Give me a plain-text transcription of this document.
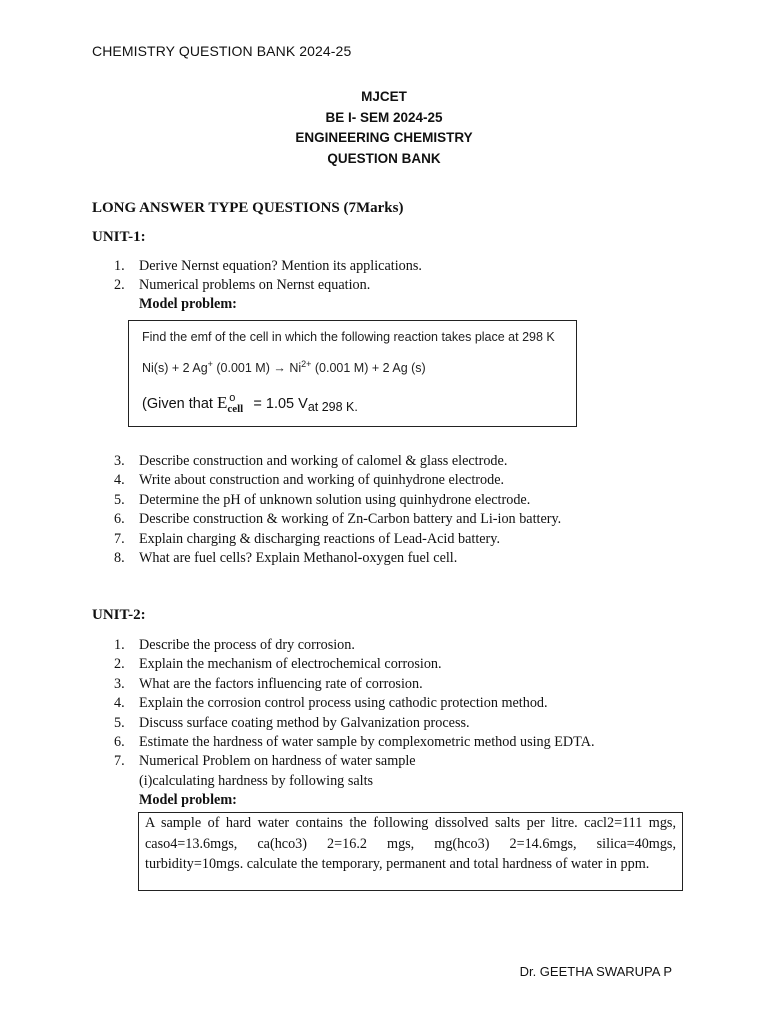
CHEMISTRY QUESTION BANK 2024-25
MJCET
BE I- SEM 2024-25
ENGINEERING CHEMISTRY
QUESTION BANK
LONG ANSWER TYPE QUESTIONS (7Marks)
UNIT-1:
1. Derive Nernst equation? Mention its applications.
2. Numerical problems on Nernst equation.
Model problem:
Find the emf of the cell in which the following reaction takes place at 298 K
Ni(s) + 2 Ag+ (0.001 $M) \to Ni^{2+}$ (0.001 M) + 2 Ag (s)
(Given that $E_{cell}^o = 1.05$ Vat 298 K.
3. Describe construction and working of calomel & glass electrode.
4. Write about construction and working of quinhydrone electrode.
5. Determine the pH of unknown solution using quinhydrone electrode.
6. Describe construction & working of Zn-Carbon battery and Li-ion battery.
7. Explain charging & discharging reactions of Lead-Acid battery.
8. What are fuel cells? Explain Methanol-oxygen fuel cell.
UNIT-2:
1. Describe the process of dry corrosion.
2. Explain the mechanism of electrochemical corrosion.
3. What are the factors influencing rate of corrosion.
4. Explain the corrosion control process using cathodic protection method.
5. Discuss surface coating method by Galvanization process.
6. Estimate the hardness of water sample by complexometric method using EDTA.
7. Numerical Problem on hardness of water sample
(i)calculating hardness by following salts
Model problem:
A sample of hard water contains the following dissolved salts per litre. cacl2=111 mgs, caso4=13.6mgs, ca(hco3) 2=16.2 mgs, mg(hco3) 2=14.6mgs, silica=40mgs, turbidity=10mgs. calculate the temporary, permanent and total hardness of water in ppm.
Dr. GEETHA SWARUPA P
